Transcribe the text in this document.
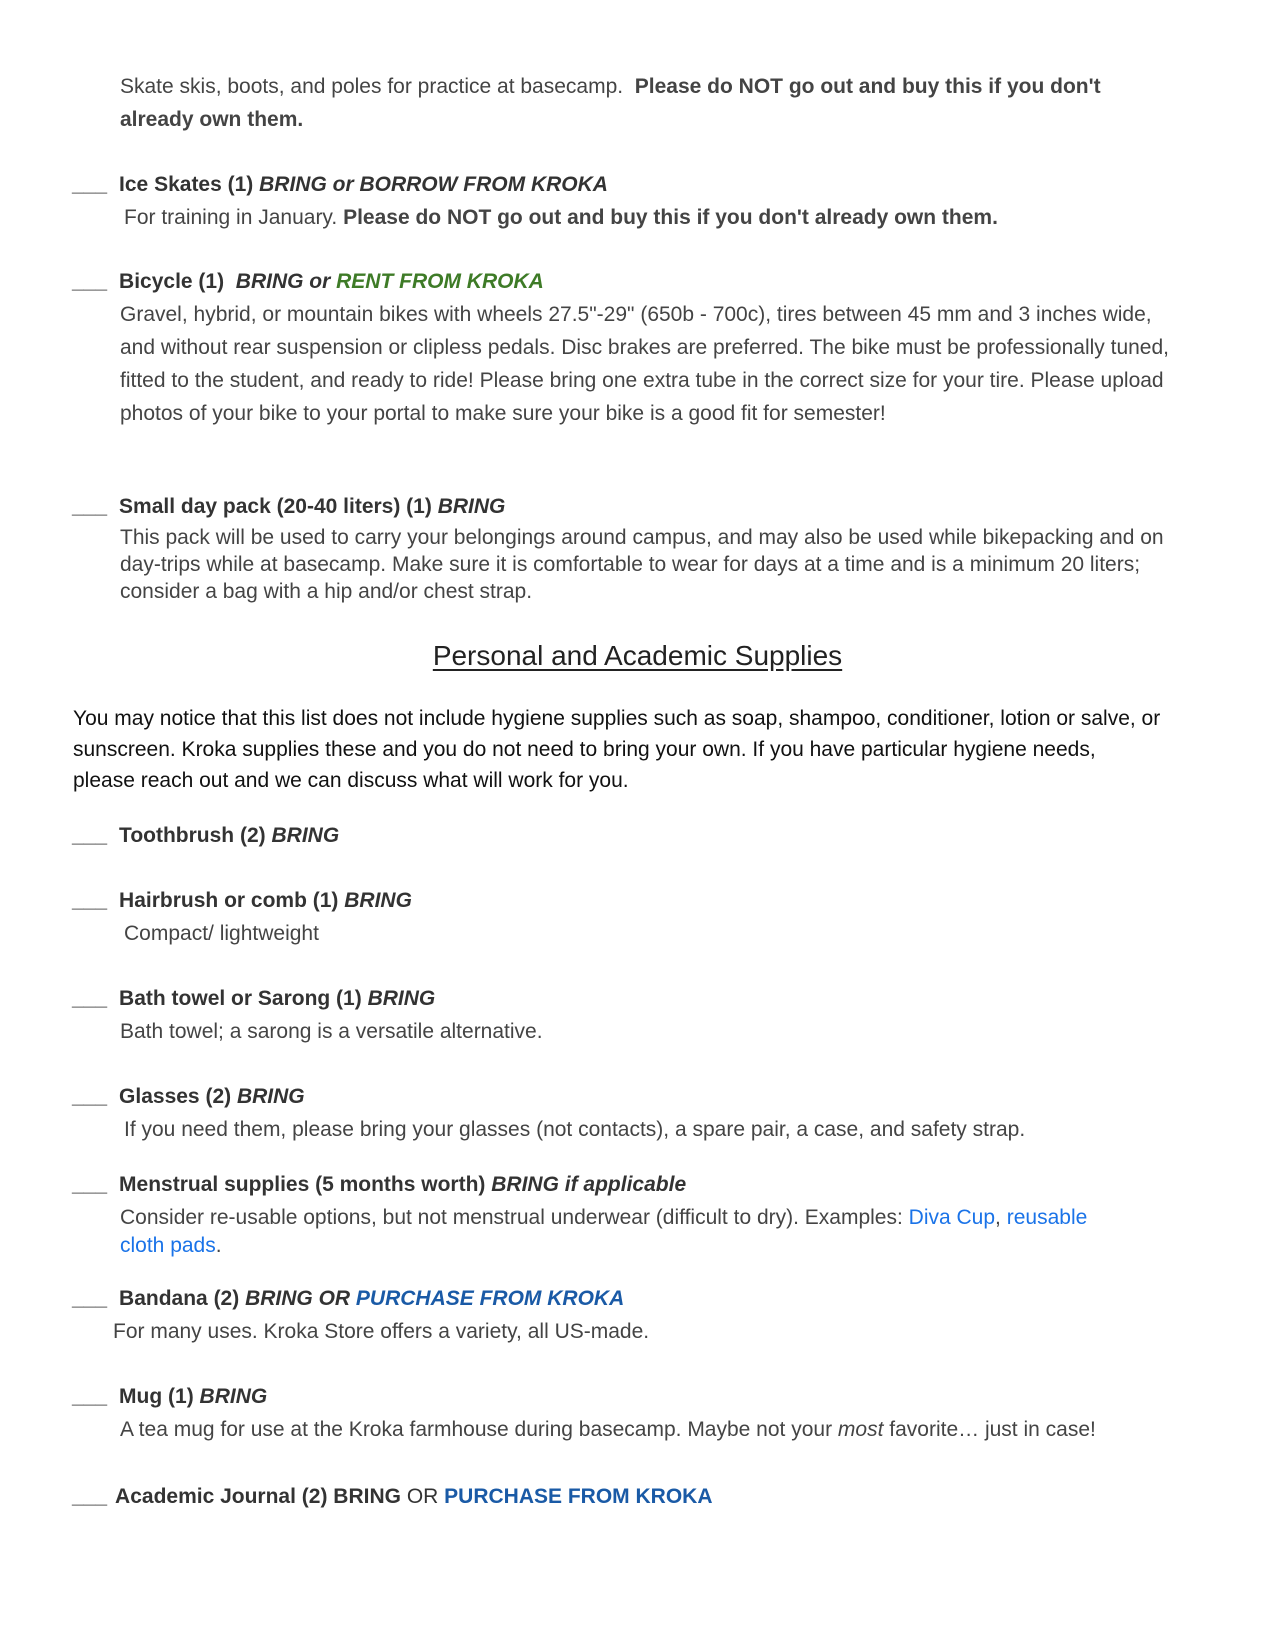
Skate skis, boots, and poles for practice at basecamp. Please do NOT go out and buy this if you don't already own them.
___ Ice Skates (1) BRING or BORROW FROM KROKA
For training in January. Please do NOT go out and buy this if you don't already own them.
___ Bicycle (1) BRING or RENT FROM KROKA
Gravel, hybrid, or mountain bikes with wheels 27.5"-29" (650b - 700c), tires between 45 mm and 3 inches wide, and without rear suspension or clipless pedals. Disc brakes are preferred. The bike must be professionally tuned, fitted to the student, and ready to ride! Please bring one extra tube in the correct size for your tire. Please upload photos of your bike to your portal to make sure your bike is a good fit for semester!
___ Small day pack (20-40 liters) (1) BRING
This pack will be used to carry your belongings around campus, and may also be used while bikepacking and on day-trips while at basecamp. Make sure it is comfortable to wear for days at a time and is a minimum 20 liters; consider a bag with a hip and/or chest strap.
Personal and Academic Supplies
You may notice that this list does not include hygiene supplies such as soap, shampoo, conditioner, lotion or salve, or sunscreen. Kroka supplies these and you do not need to bring your own. If you have particular hygiene needs, please reach out and we can discuss what will work for you.
___ Toothbrush (2) BRING
___ Hairbrush or comb (1) BRING
Compact/ lightweight
___ Bath towel or Sarong (1) BRING
Bath towel; a sarong is a versatile alternative.
___ Glasses (2) BRING
If you need them, please bring your glasses (not contacts), a spare pair, a case, and safety strap.
___ Menstrual supplies (5 months worth) BRING if applicable
Consider re-usable options, but not menstrual underwear (difficult to dry). Examples: Diva Cup, reusable
cloth pads.
___ Bandana (2) BRING OR PURCHASE FROM KROKA
For many uses. Kroka Store offers a variety, all US-made.
___ Mug (1) BRING
A tea mug for use at the Kroka farmhouse during basecamp. Maybe not your most favorite… just in case!
___ Academic Journal (2) BRING OR PURCHASE FROM KROKA
